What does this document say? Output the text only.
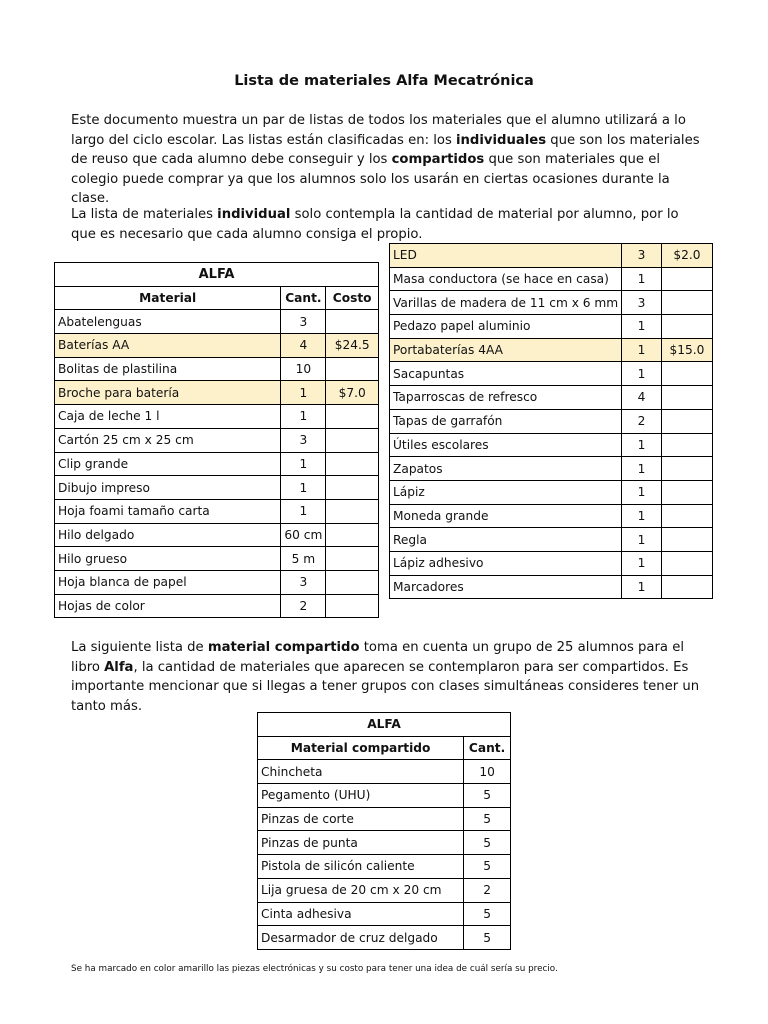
Lista de materiales Alfa Mecatrónica

Este documento muestra un par de listas de todos los materiales que el alumno utilizará a lo largo del ciclo escolar. Las listas están clasificadas en: los individuales que son los materiales de reuso que cada alumno debe conseguir y los compartidos que son materiales que el colegio puede comprar ya que los alumnos solo los usarán en ciertas ocasiones durante la clase.

La lista de materiales individual solo contempla la cantidad de material por alumno, por lo que es necesario que cada alumno consiga el propio.

ALFA		
Material	Cant.	Costo
Abatelenguas	3	
Baterías AA	4	$24.5
Bolitas de plastilina	10	
Broche para batería	1	$7.0
Caja de leche 1 l	1	
Cartón 25 cm x 25 cm	3	
Clip grande	1	
Dibujo impreso	1	
Hoja foami tamaño carta	1	
Hilo delgado	60 cm	
Hilo grueso	5 m	
Hoja blanca de papel	3	
Hojas de color	2	
LED	3	$2.0
Masa conductora (se hace en casa)	1	
Varillas de madera de 11 cm x 6 mm	3	
Pedazo papel aluminio	1	
Portabaterías 4AA	1	$15.0
Sacapuntas	1	
Taparroscas de refresco	4	
Tapas de garrafón	2	
Útiles escolares	1	
Zapatos	1	
Lápiz	1	
Moneda grande	1	
Regla	1	
Lápiz adhesivo	1	
Marcadores	1	

La siguiente lista de material compartido toma en cuenta un grupo de 25 alumnos para el libro Alfa, la cantidad de materiales que aparecen se contemplaron para ser compartidos. Es importante mencionar que si llegas a tener grupos con clases simultáneas consideres tener un tanto más.

ALFA	
Material compartido	Cant.
Chincheta	10
Pegamento (UHU)	5
Pinzas de corte	5
Pinzas de punta	5
Pistola de silicón caliente	5
Lija gruesa de 20 cm x 20 cm	2
Cinta adhesiva	5
Desarmador de cruz delgado	5
Se ha marcado en color amarillo las piezas electrónicas y su costo para tener una idea de cuál sería su precio.
